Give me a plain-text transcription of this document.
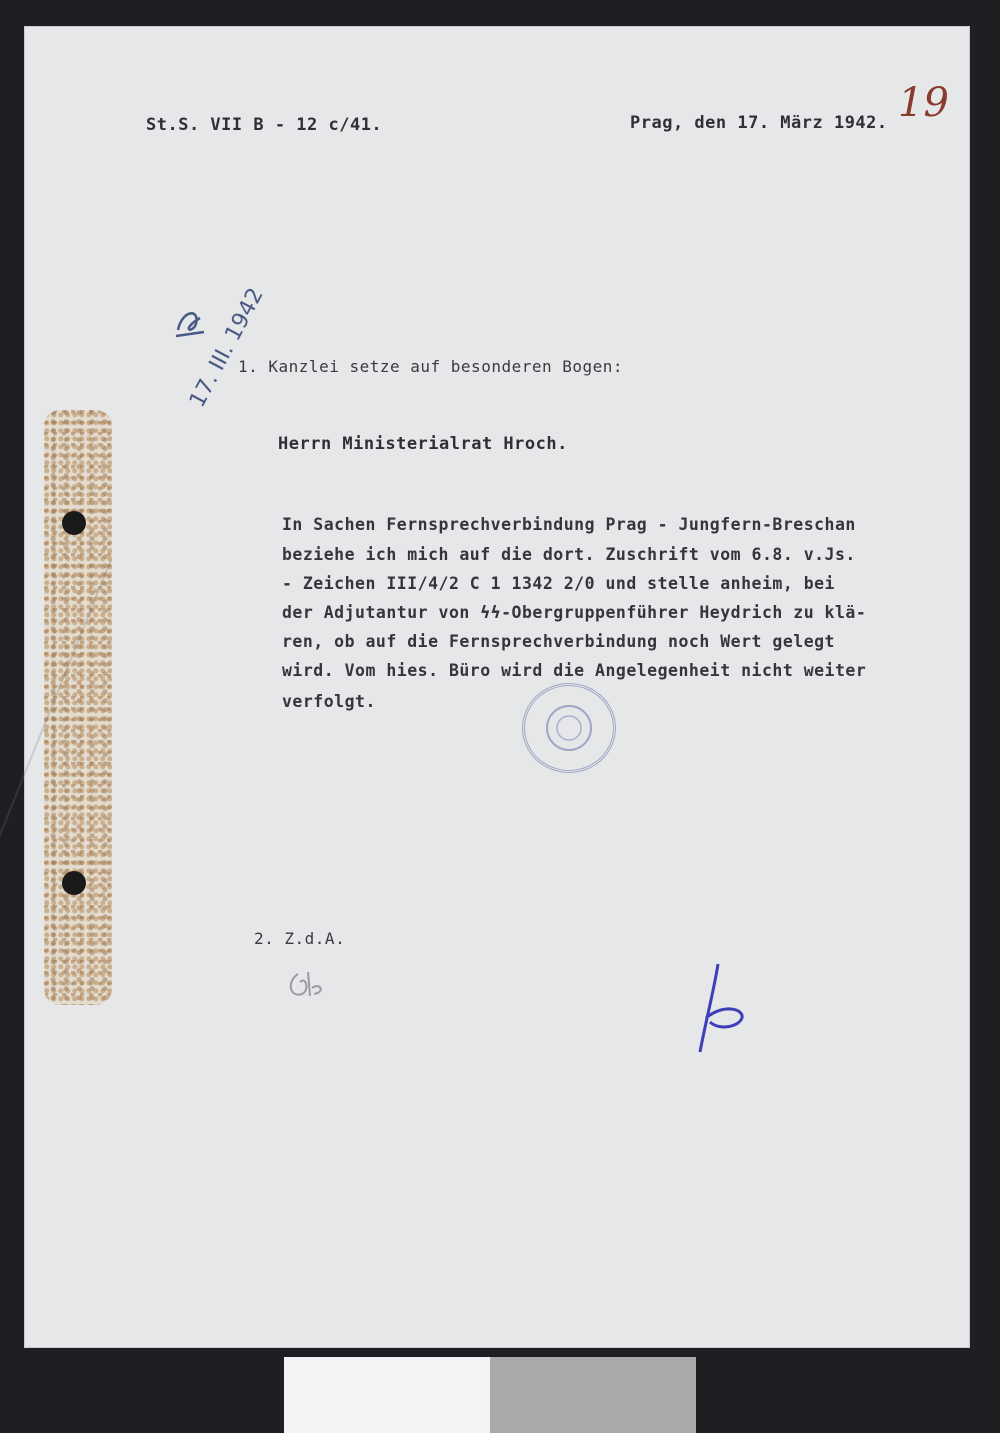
St.S. VII B - 12 c/41.	Prag, den 17. März 1942. 19
17. III. 1942
1. Kanzlei setze auf besonderen Bogen:
Herrn Ministerialrat Hroch.
In Sachen Fernsprechverbindung Prag - Jungfern-Breschan
beziehe ich mich auf die dort. Zuschrift vom 6.8. v.Js.
- Zeichen III/4/2 C 1 1342 2/0 und stelle anheim, bei
der Adjutantur von ϟϟ-Obergruppenführer Heydrich zu klä-
ren, ob auf die Fernsprechverbindung noch Wert gelegt
wird. Vom hies. Büro wird die Angelegenheit nicht weiter
verfolgt.
2. Z.d.A.
